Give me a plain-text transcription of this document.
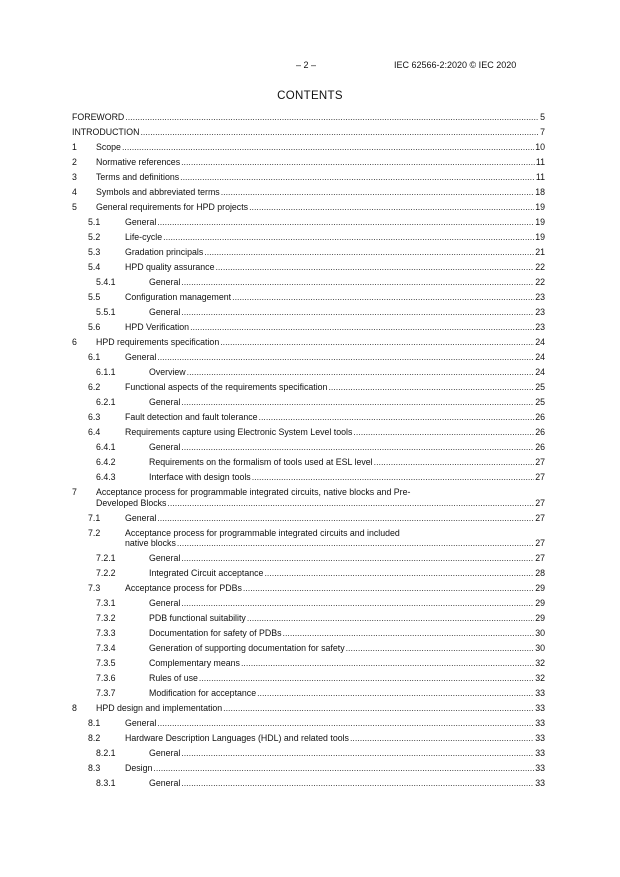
– 2 –	IEC 62566-2:2020 © IEC 2020
CONTENTS
FOREWORD .....	5
INTRODUCTION .....	7
1 Scope .....	10
2 Normative references .....	11
3 Terms and definitions .....	11
4 Symbols and abbreviated terms .....	18
5 General requirements for HPD projects .....	19
5.1	General .....	19
5.2	Life-cycle .....	19
5.3	Gradation principals .....	21
5.4	HPD quality assurance .....	22
5.4.1	General .....	22
5.5	Configuration management .....	23
5.5.1	General .....	23
5.6	HPD Verification .....	23
6 HPD requirements specification .....	24
6.1	General .....	24
6.1.1	Overview .....	24
6.2	Functional aspects of the requirements specification .....	25
6.2.1	General .....	25
6.3	Fault detection and fault tolerance .....	26
6.4	Requirements capture using Electronic System Level tools .....	26
6.4.1	General .....	26
6.4.2	Requirements on the formalism of tools used at ESL level .....	27
6.4.3	Interface with design tools .....	27
7 Acceptance process for programmable integrated circuits, native blocks and Pre-
Developed Blocks .....	27
7.1	General .....	27
7.2	Acceptance process for programmable integrated circuits and included
native blocks .....	27
7.2.1	General .....	27
7.2.2	Integrated Circuit acceptance .....	28
7.3	Acceptance process for PDBs .....	29
7.3.1	General .....	29
7.3.2	PDB functional suitability .....	29
7.3.3	Documentation for safety of PDBs .....	30
7.3.4	Generation of supporting documentation for safety .....	30
7.3.5	Complementary means .....	32
7.3.6	Rules of use .....	32
7.3.7	Modification for acceptance .....	33
8 HPD design and implementation .....	33
8.1	General .....	33
8.2	Hardware Description Languages (HDL) and related tools .....	33
8.2.1	General .....	33
8.3	Design .....	33
8.3.1	General .....	33
